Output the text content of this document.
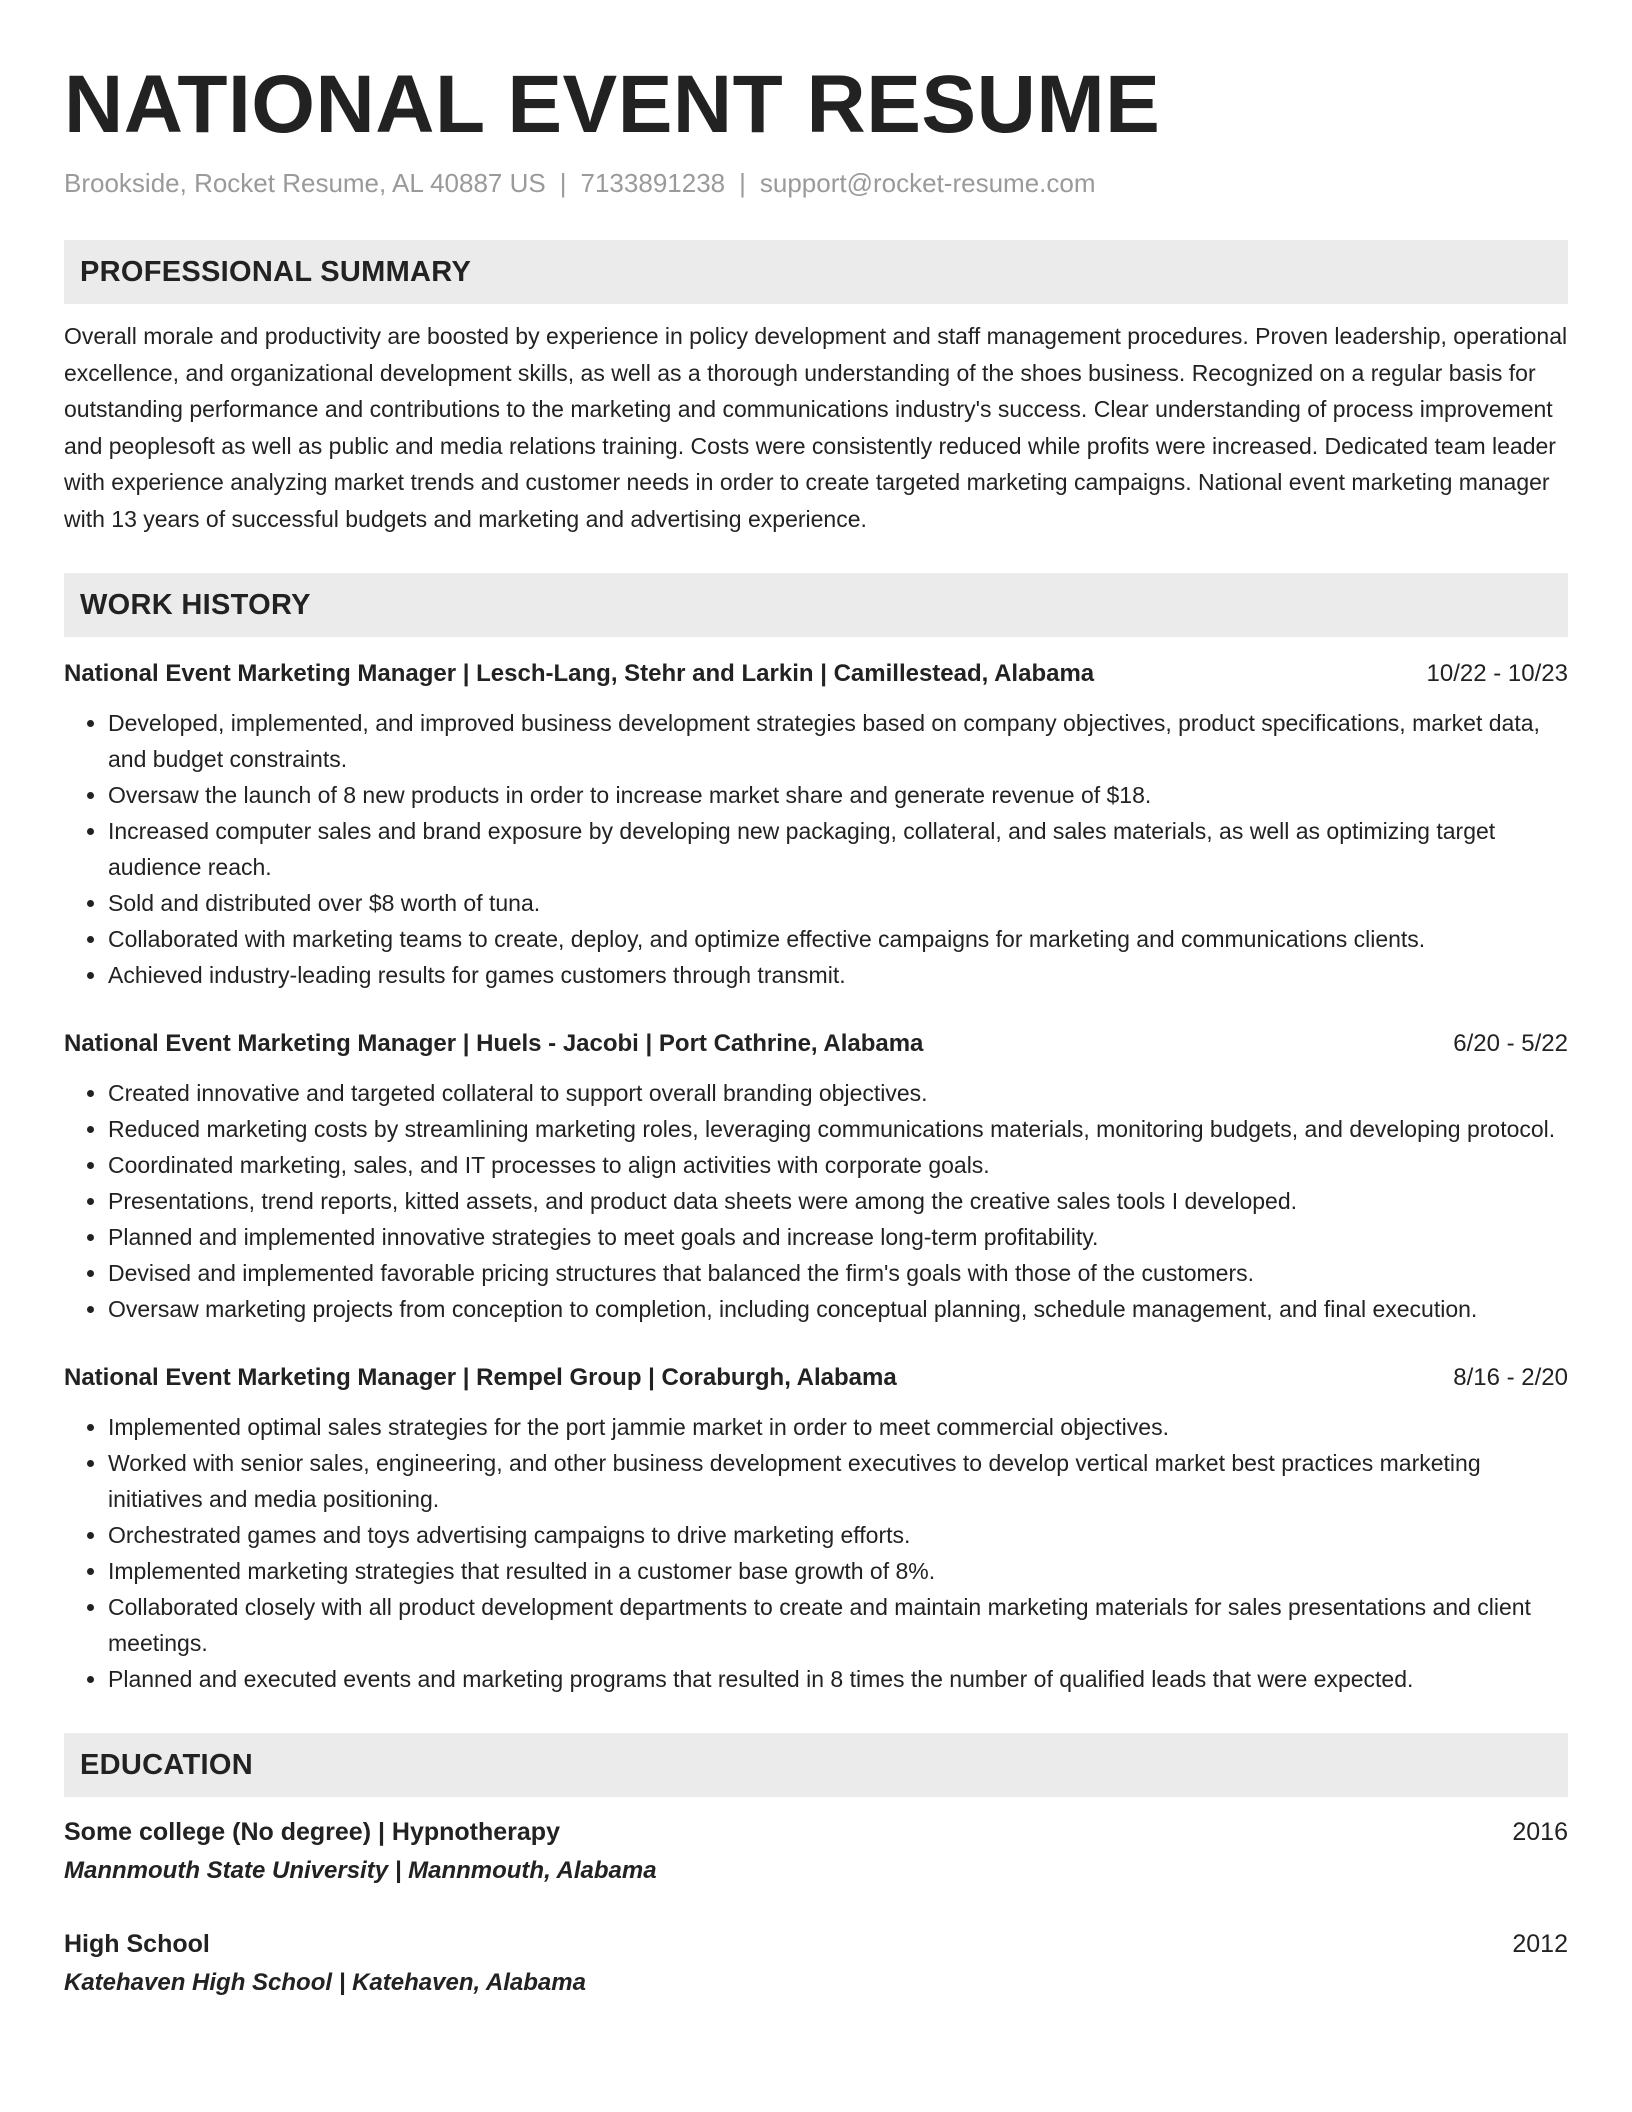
NATIONAL EVENT RESUME
Brookside, Rocket Resume, AL 40887 US | 7133891238 | support@rocket-resume.com
PROFESSIONAL SUMMARY
Overall morale and productivity are boosted by experience in policy development and staff management procedures. Proven leadership, operational excellence, and organizational development skills, as well as a thorough understanding of the shoes business. Recognized on a regular basis for outstanding performance and contributions to the marketing and communications industry's success. Clear understanding of process improvement and peoplesoft as well as public and media relations training. Costs were consistently reduced while profits were increased. Dedicated team leader with experience analyzing market trends and customer needs in order to create targeted marketing campaigns. National event marketing manager with 13 years of successful budgets and marketing and advertising experience.
WORK HISTORY
National Event Marketing Manager | Lesch-Lang, Stehr and Larkin | Camillestead, Alabama	10/22 - 10/23
• Developed, implemented, and improved business development strategies based on company objectives, product specifications, market data, and budget constraints.
• Oversaw the launch of 8 new products in order to increase market share and generate revenue of $18.
• Increased computer sales and brand exposure by developing new packaging, collateral, and sales materials, as well as optimizing target audience reach.
• Sold and distributed over $8 worth of tuna.
• Collaborated with marketing teams to create, deploy, and optimize effective campaigns for marketing and communications clients.
• Achieved industry-leading results for games customers through transmit.
National Event Marketing Manager | Huels - Jacobi | Port Cathrine, Alabama	6/20 - 5/22
• Created innovative and targeted collateral to support overall branding objectives.
• Reduced marketing costs by streamlining marketing roles, leveraging communications materials, monitoring budgets, and developing protocol.
• Coordinated marketing, sales, and IT processes to align activities with corporate goals.
• Presentations, trend reports, kitted assets, and product data sheets were among the creative sales tools I developed.
• Planned and implemented innovative strategies to meet goals and increase long-term profitability.
• Devised and implemented favorable pricing structures that balanced the firm's goals with those of the customers.
• Oversaw marketing projects from conception to completion, including conceptual planning, schedule management, and final execution.
National Event Marketing Manager | Rempel Group | Coraburgh, Alabama	8/16 - 2/20
• Implemented optimal sales strategies for the port jammie market in order to meet commercial objectives.
• Worked with senior sales, engineering, and other business development executives to develop vertical market best practices marketing initiatives and media positioning.
• Orchestrated games and toys advertising campaigns to drive marketing efforts.
• Implemented marketing strategies that resulted in a customer base growth of 8%.
• Collaborated closely with all product development departments to create and maintain marketing materials for sales presentations and client meetings.
• Planned and executed events and marketing programs that resulted in 8 times the number of qualified leads that were expected.
EDUCATION
Some college (No degree) | Hypnotherapy	2016
Mannmouth State University | Mannmouth, Alabama
High School	2012
Katehaven High School | Katehaven, Alabama
